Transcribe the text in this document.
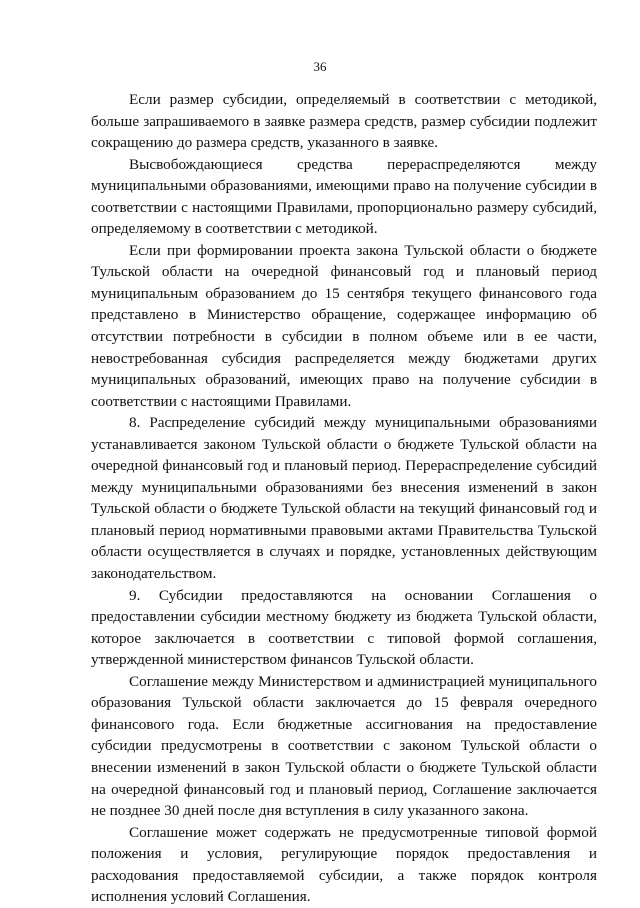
36

Если размер субсидии, определяемый в соответствии с методикой, больше запрашиваемого в заявке размера средств, размер субсидии подлежит сокращению до размера средств, указанного в заявке.

Высвобождающиеся средства перераспределяются между муниципальными образованиями, имеющими право на получение субсидии в соответствии с настоящими Правилами, пропорционально размеру субсидий, определяемому в соответствии с методикой.

Если при формировании проекта закона Тульской области о бюджете Тульской области на очередной финансовый год и плановый период муниципальным образованием до 15 сентября текущего финансового года представлено в Министерство обращение, содержащее информацию об отсутствии потребности в субсидии в полном объеме или в ее части, невостребованная субсидия распределяется между бюджетами других муниципальных образований, имеющих право на получение субсидии в соответствии с настоящими Правилами.

8. Распределение субсидий между муниципальными образованиями устанавливается законом Тульской области о бюджете Тульской области на очередной финансовый год и плановый период. Перераспределение субсидий между муниципальными образованиями без внесения изменений в закон Тульской области о бюджете Тульской области на текущий финансовый год и плановый период нормативными правовыми актами Правительства Тульской области осуществляется в случаях и порядке, установленных действующим законодательством.

9. Субсидии предоставляются на основании Соглашения о предоставлении субсидии местному бюджету из бюджета Тульской области, которое заключается в соответствии с типовой формой соглашения, утвержденной министерством финансов Тульской области.

Соглашение между Министерством и администрацией муниципального образования Тульской области заключается до 15 февраля очередного финансового года. Если бюджетные ассигнования на предоставление субсидии предусмотрены в соответствии с законом Тульской области о внесении изменений в закон Тульской области о бюджете Тульской области на очередной финансовый год и плановый период, Соглашение заключается не позднее 30 дней после дня вступления в силу указанного закона.

Соглашение может содержать не предусмотренные типовой формой положения и условия, регулирующие порядок предоставления и расходования предоставляемой субсидии, а также порядок контроля исполнения условий Соглашения.
